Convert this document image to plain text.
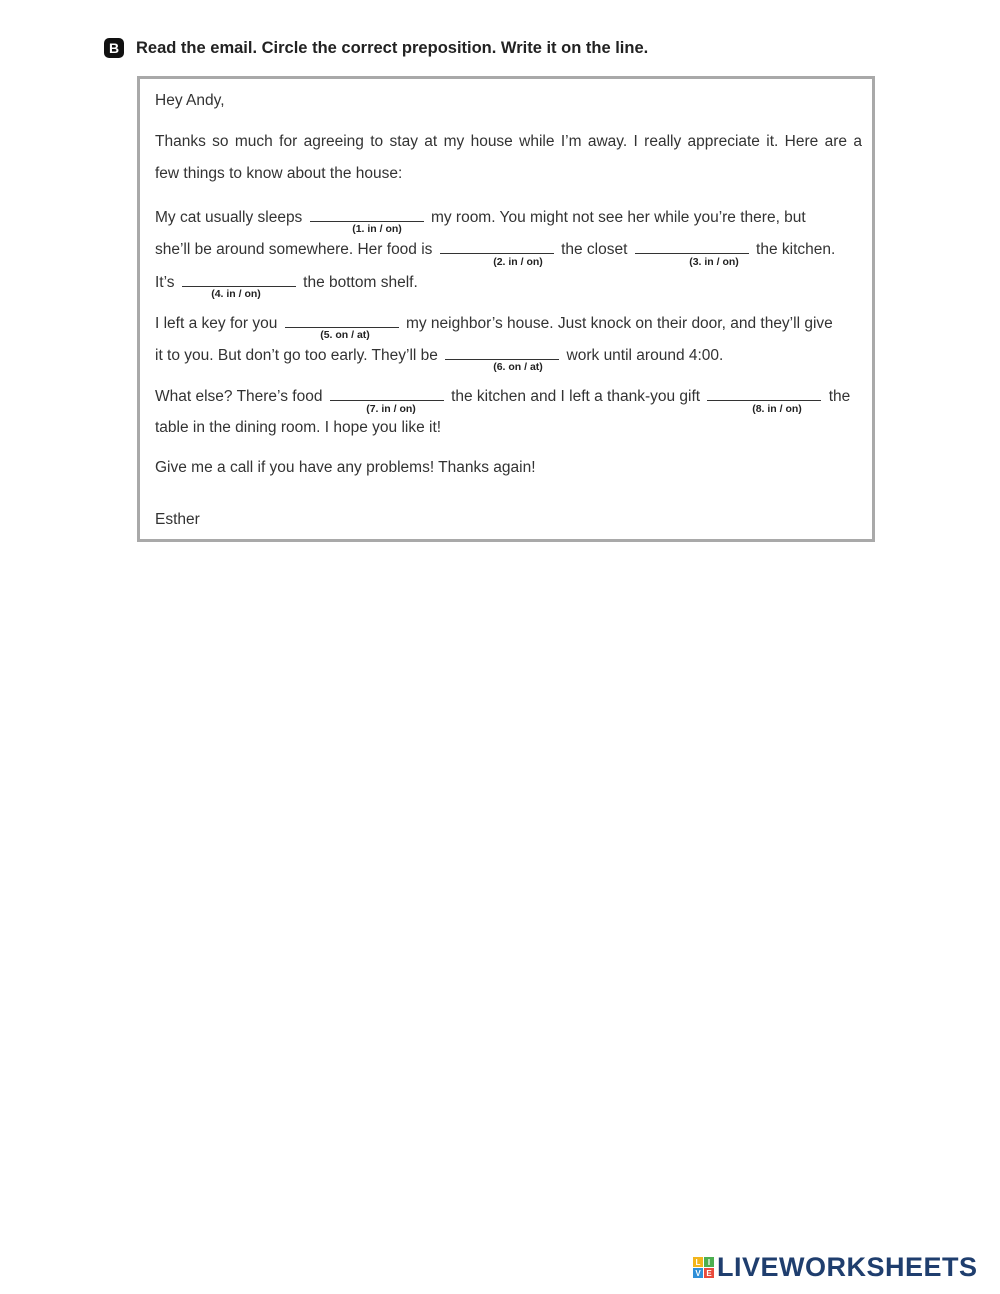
B Read the email. Circle the correct preposition. Write it on the line.
Hey Andy,
Thanks so much for agreeing to stay at my house while I’m away. I really appreciate it. Here are a
few things to know about the house:
My cat usually sleeps	my room. You might not see her while you’re there, but
(1. in / on)
she’ll be around somewhere. Her food is	the closet	the kitchen.
(2. in / on)	(3. in / on)
It’s	the bottom shelf.
(4. in / on)
I left a key for you	my neighbor’s house. Just knock on their door, and they’ll give
(5. on / at)
it to you. But don’t go too early. They’ll be	work until around 4:00.
(6. on / at)
What else? There’s food	the kitchen and I left a thank-you gift	the
(7. in / on)	(8. in / on)
table in the dining room. I hope you like it!
Give me a call if you have any problems! Thanks again!
Esther
L I
V E LIVEWORKSHEETS
